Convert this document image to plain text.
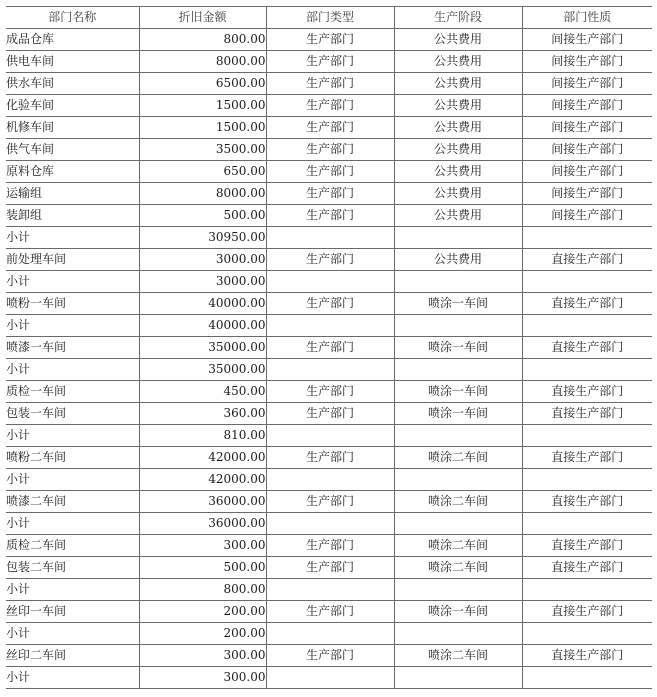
部门名称	折旧金额	部门类型	生产阶段	部门性质
成品仓库	800.00	生产部门	公共费用	间接生产部门
供电车间	8000.00	生产部门	公共费用	间接生产部门
供水车间	6500.00	生产部门	公共费用	间接生产部门
化验车间	1500.00	生产部门	公共费用	间接生产部门
机修车间	1500.00	生产部门	公共费用	间接生产部门
供气车间	3500.00	生产部门	公共费用	间接生产部门
原料仓库	650.00	生产部门	公共费用	间接生产部门
运输组	8000.00	生产部门	公共费用	间接生产部门
装卸组	500.00	生产部门	公共费用	间接生产部门
小计	30950.00			
前处理车间	3000.00	生产部门	公共费用	直接生产部门
小计	3000.00			
喷粉一车间	40000.00	生产部门	喷涂一车间	直接生产部门
小计	40000.00			
喷漆一车间	35000.00	生产部门	喷涂一车间	直接生产部门
小计	35000.00			
质检一车间	450.00	生产部门	喷涂一车间	直接生产部门
包装一车间	360.00	生产部门	喷涂一车间	直接生产部门
小计	810.00			
喷粉二车间	42000.00	生产部门	喷涂二车间	直接生产部门
小计	42000.00			
喷漆二车间	36000.00	生产部门	喷涂二车间	直接生产部门
小计	36000.00			
质检二车间	300.00	生产部门	喷涂二车间	直接生产部门
包装二车间	500.00	生产部门	喷涂二车间	直接生产部门
小计	800.00			
丝印一车间	200.00	生产部门	喷涂一车间	直接生产部门
小计	200.00			
丝印二车间	300.00	生产部门	喷涂二车间	直接生产部门
小计	300.00			
